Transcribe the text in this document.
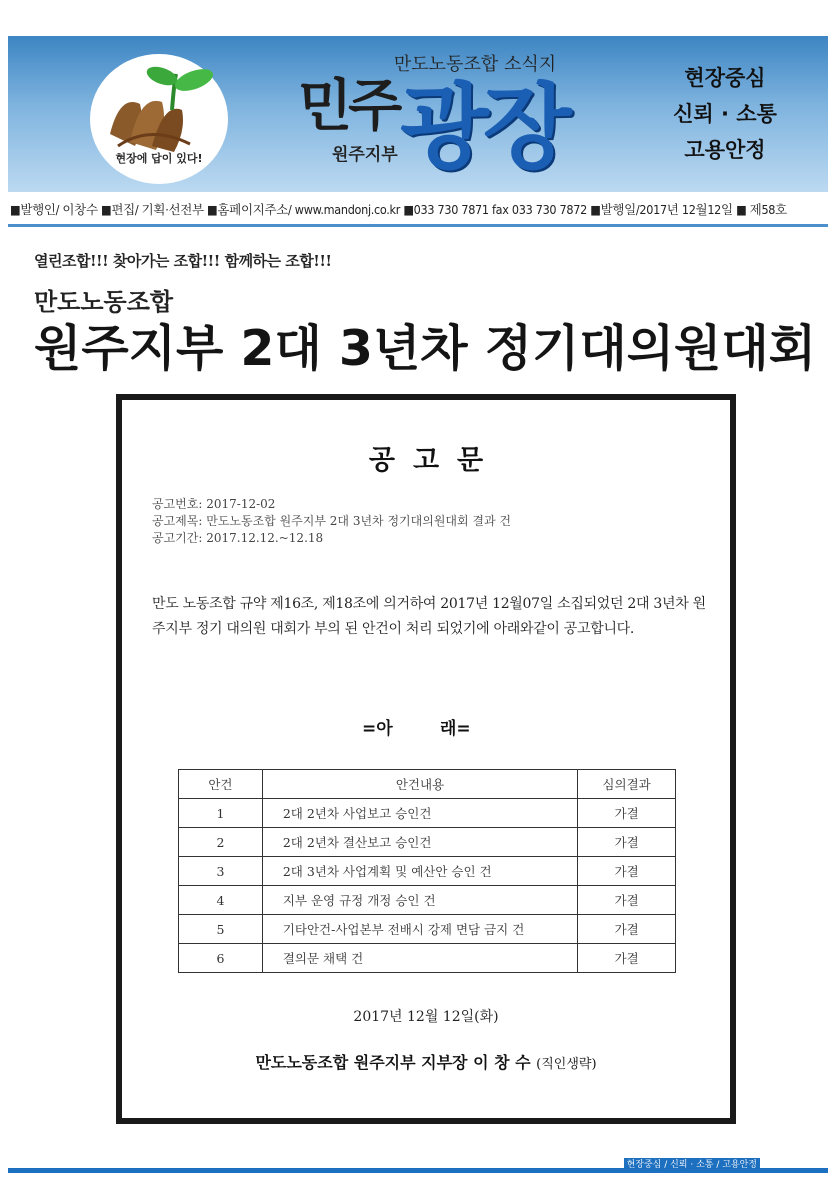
현장에 답이 있다!
만도노동조합 소식지
민주
원주지부 광장	현장중심
신뢰 · 소통
고용안정
■발행인/ 이창수 ■편집/ 기획·선전부 ■홈페이지주소/ www.mandonj.co.kr ■033 730 7871 fax 033 730 7872 ■발행일/2017년 12월12일 ■ 제58호
열린조합!!! 찾아가는 조합!!! 함께하는 조합!!!
만도노동조합
원주지부 2대 3년차 정기대의원대회
공고문
공고번호: 2017-12-02
공고제목: 만도노동조합 원주지부 2대 3년차 정기대의원대회 결과 건
공고기간: 2017.12.12.~12.18
만도 노동조합 규약 제16조, 제18조에 의거하여 2017년 12월07일 소집되었던 2대 3년차 원주지부 정기 대의원 대회가 부의 된 안건이 처리 되었기에 아래와같이 공고합니다.
=아        래=
안건	안건내용	심의결과
1	2대 2년차 사업보고 승인건	가결
2	2대 2년차 결산보고 승인건	가결
3	2대 3년차 사업계획 및 예산안 승인 건	가결
4	지부 운영 규정 개정 승인 건	가결
5	기타안건-사업본부 전배시 강제 면담 금지 건	가결
6	결의문 채택 건	가결
2017년 12월 12일(화)
만도노동조합 원주지부 지부장 이 창 수 (직인생략)
현장중심 / 신뢰 · 소통 / 고용안정
